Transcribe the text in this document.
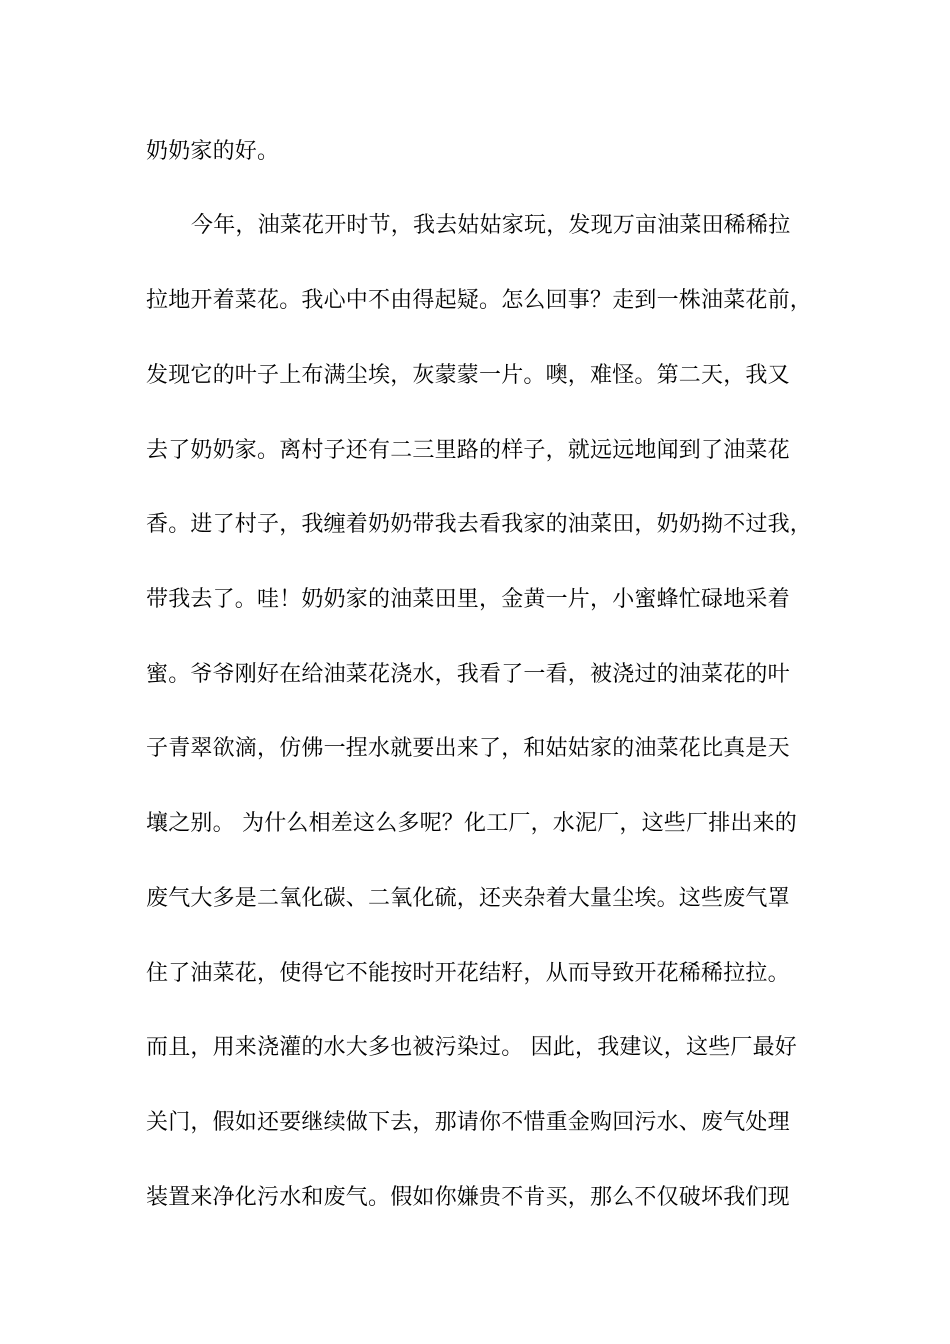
奶奶家的好。
今年，油菜花开时节，我去姑姑家玩，发现万亩油菜田稀稀拉
拉地开着菜花。我心中不由得起疑。怎么回事？走到一株油菜花前，
发现它的叶子上布满尘埃，灰蒙蒙一片。噢，难怪。第二天，我又
去了奶奶家。离村子还有二三里路的样子，就远远地闻到了油菜花
香。进了村子，我缠着奶奶带我去看我家的油菜田，奶奶拗不过我，
带我去了。哇！奶奶家的油菜田里，金黄一片，小蜜蜂忙碌地采着
蜜。爷爷刚好在给油菜花浇水，我看了一看，被浇过的油菜花的叶
子青翠欲滴，仿佛一捏水就要出来了，和姑姑家的油菜花比真是天
壤之别。 为什么相差这么多呢？化工厂，水泥厂，这些厂排出来的
废气大多是二氧化碳、二氧化硫，还夹杂着大量尘埃。这些废气罩
住了油菜花，使得它不能按时开花结籽，从而导致开花稀稀拉拉。
而且，用来浇灌的水大多也被污染过。 因此，我建议，这些厂最好
关门，假如还要继续做下去，那请你不惜重金购回污水、废气处理
装置来净化污水和废气。假如你嫌贵不肯买，那么不仅破坏我们现
